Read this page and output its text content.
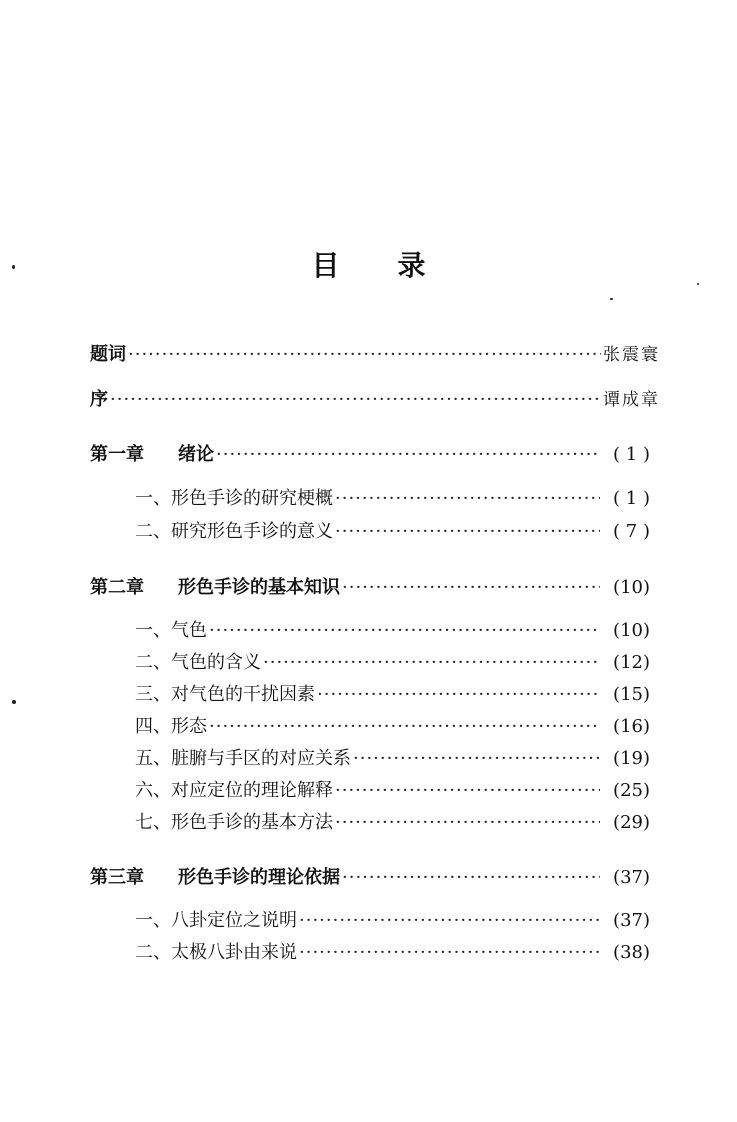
目录
题词 ·····	张震寰
序 ·····	谭成章
第一章	绪论 ·····	( 1 )
一、 形色手诊的研究梗概 ·····	( 1 )
二、 研究形色手诊的意义 ·····	( 7 )
第二章	形色手诊的基本知识 ·····	(10)
一、 气色 ·····	(10)
二、 气色的含义 ·····	(12)
三、 对气色的干扰因素 ·····	(15)
四、 形态 ·····	(16)
五、 脏腑与手区的对应关系 ·····	(19)
六、 对应定位的理论解释 ·····	(25)
七、 形色手诊的基本方法 ·····	(29)
第三章	形色手诊的理论依据 ·····	(37)
一、 八卦定位之说明 ·····	(37)
二、 太极八卦由来说 ·····	(38)
